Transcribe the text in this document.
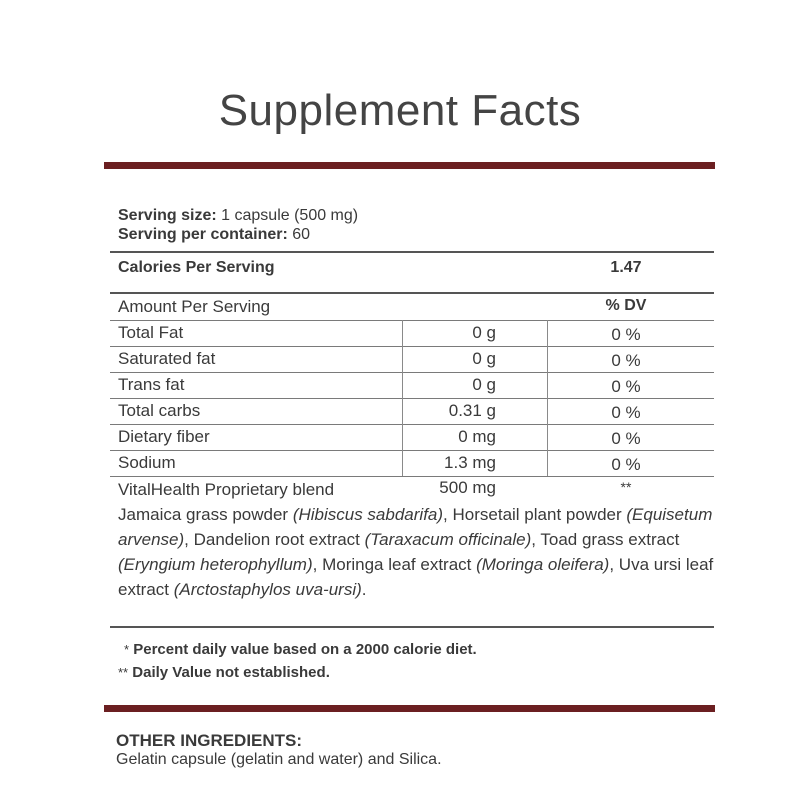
Supplement Facts
Serving size: 1 capsule (500 mg)
Serving per container: 60
Calories Per Serving	1.47
Amount Per Serving	% DV
Total Fat	0 g	0 %
Saturated fat	0 g	0 %
Trans fat	0 g	0 %
Total carbs	0.31 g	0 %
Dietary fiber	0 mg	0 %
Sodium	1.3 mg	0 %
VitalHealth Proprietary blend	500 mg	**
Jamaica grass powder (Hibiscus sabdarifa), Horsetail plant powder (Equisetum arvense), Dandelion root extract (Taraxacum officinale), Toad grass extract (Eryngium heterophyllum), Moringa leaf extract (Moringa oleifera), Uva ursi leaf extract (Arctostaphylos uva-ursi).
* Percent daily value based on a 2000 calorie diet.
** Daily Value not established.
OTHER INGREDIENTS:
Gelatin capsule (gelatin and water) and Silica.
